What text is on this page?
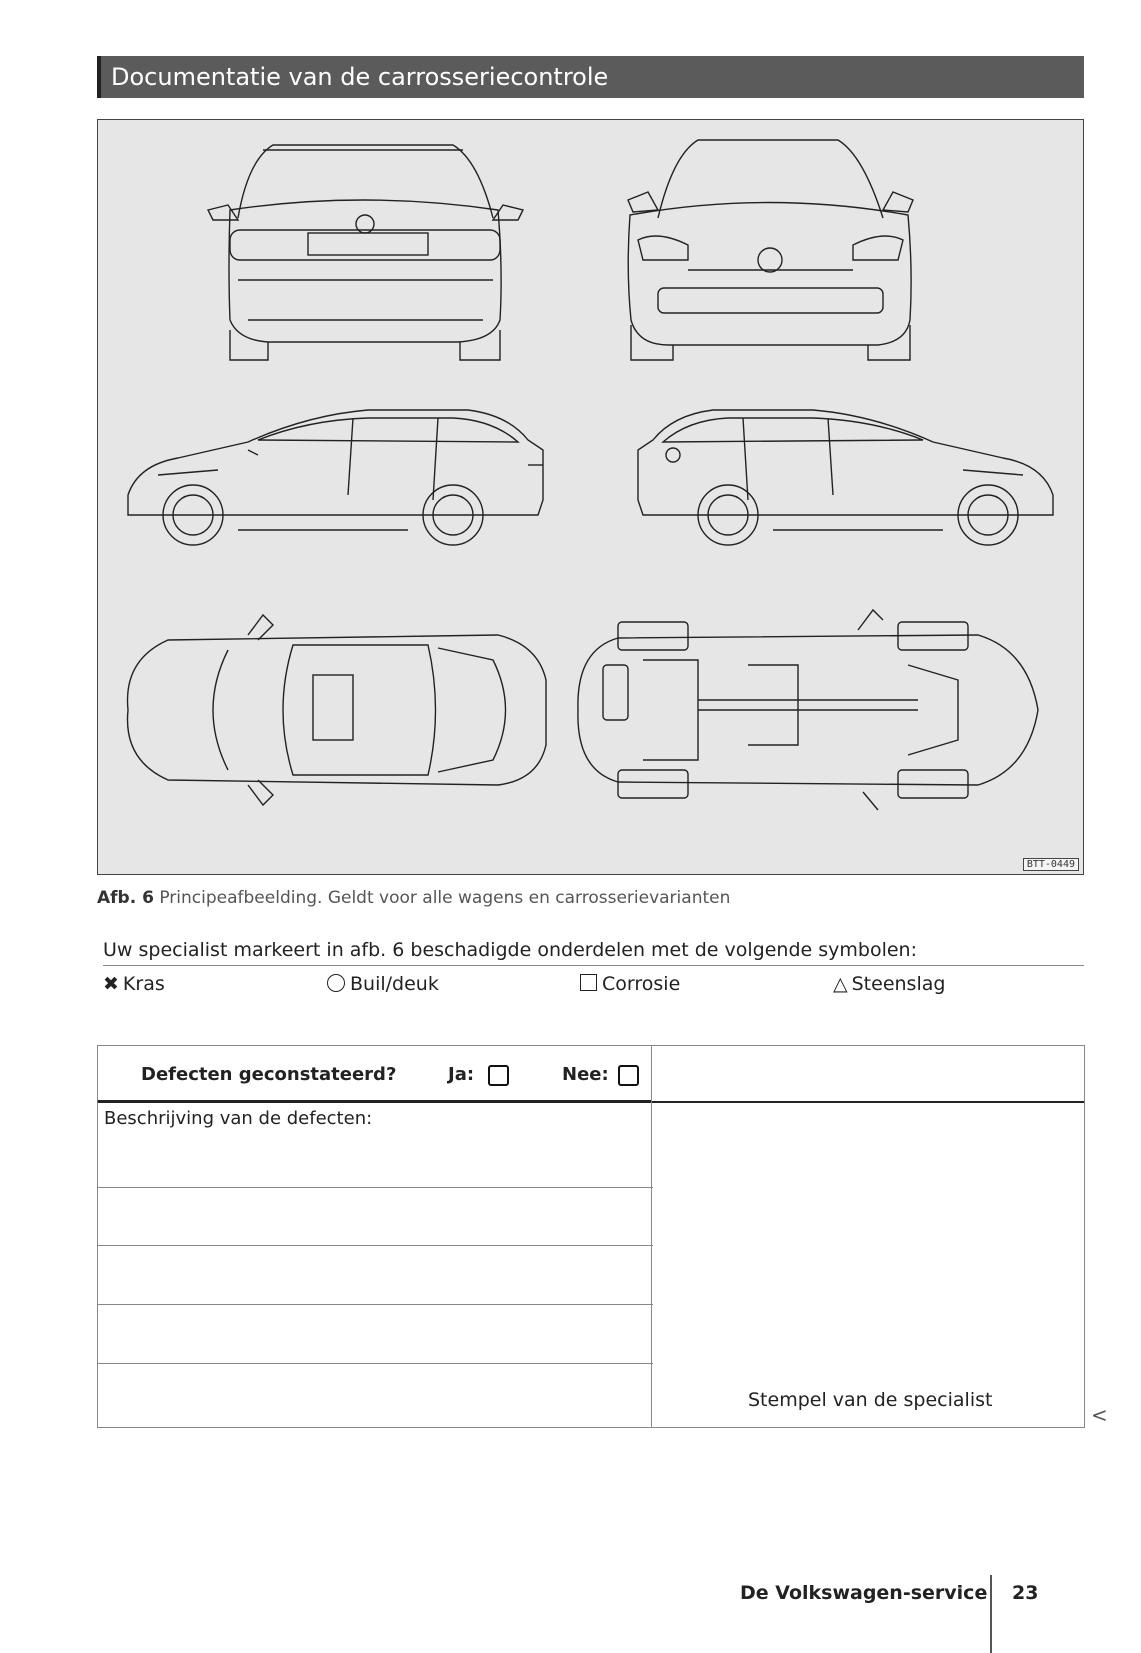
Documentatie van de carrosseriecontrole
BTT-0449
Afb. 6 Principeafbeelding. Geldt voor alle wagens en carrosserievarianten
Uw specialist markeert in afb. 6 beschadigde onderdelen met de volgende symbolen:
✖ Kras	Buil/deuk	Corrosie	△ Steenslag
Defecten geconstateerd?	Ja:	Nee:
Beschrijving van de defecten:
Stempel van de specialist
<
De Volkswagen-service 23
